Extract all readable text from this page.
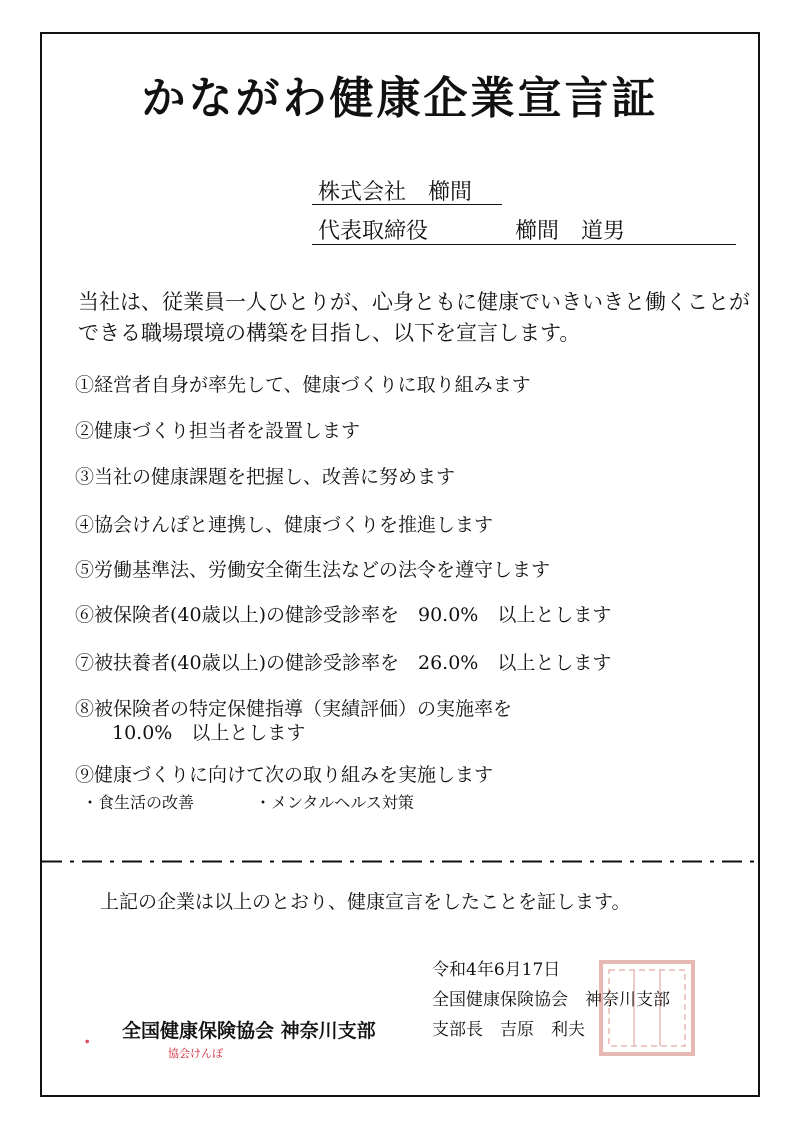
かながわ健康企業宣言証
株式会社　櫛間
代表取締役	櫛間　道男
当社は、従業員一人ひとりが、心身ともに健康でいきいきと働くことができる職場環境の構築を目指し、以下を宣言します。
①経営者自身が率先して、健康づくりに取り組みます
②健康づくり担当者を設置します
③当社の健康課題を把握し、改善に努めます
④協会けんぽと連携し、健康づくりを推進します
⑤労働基準法、労働安全衛生法などの法令を遵守します
⑥被保険者(40歳以上)の健診受診率を　90.0%　以上とします
⑦被扶養者(40歳以上)の健診受診率を　26.0%　以上とします
⑧被保険者の特定保健指導（実績評価）の実施率を
10.0%　以上とします
⑨健康づくりに向けて次の取り組みを実施します
・食生活の改善	・メンタルヘルス対策
上記の企業は以上のとおり、健康宣言をしたことを証します。
令和4年6月17日
全国健康保険協会　神奈川支部
支部長　吉原　利夫
全国健康保険協会 神奈川支部
協会けんぽ
